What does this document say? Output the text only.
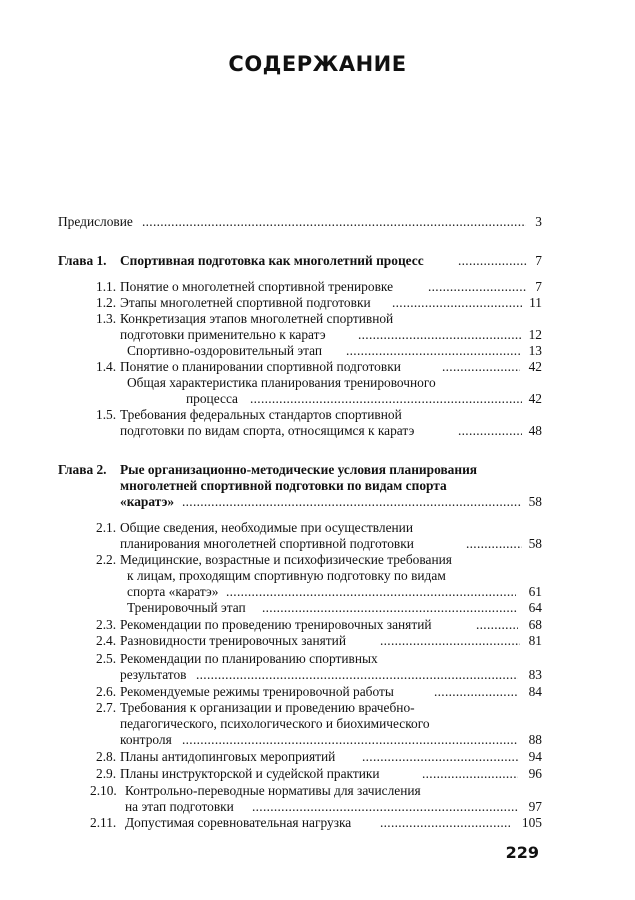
СОДЕРЖАНИЕ
Предисловие .....	3
Глава 1. Спортивная подготовка как многолетний процесс .....	7
1.1. Понятие о многолетней спортивной тренировке .....	7
1.2. Этапы многолетней спортивной подготовки .....	11
1.3. Конкретизация этапов многолетней спортивной
подготовки применительно к каратэ .....	12
Спортивно-оздоровительный этап .....	13
1.4. Понятие о планировании спортивной подготовки .....	42
Общая характеристика планирования тренировочного
процесса .....	42
1.5. Требования федеральных стандартов спортивной
подготовки по видам спорта, относящимся к каратэ .....	48
Глава 2. Рые организационно-методические условия планирования
многолетней спортивной подготовки по видам спорта
«каратэ» .....	58
2.1. Общие сведения, необходимые при осуществлении
планирования многолетней спортивной подготовки .....	58
2.2. Медицинские, возрастные и психофизические требования
к лицам, проходящим спортивную подготовку по видам
спорта «каратэ» .....	61
Тренировочный этап .....	64
2.3. Рекомендации по проведению тренировочных занятий .....	68
2.4. Разновидности тренировочных занятий .....	81
2.5. Рекомендации по планированию спортивных
результатов .....	83
2.6. Рекомендуемые режимы тренировочной работы .....	84
2.7. Требования к организации и проведению врачебно-
педагогического, психологического и биохимического
контроля .....	88
2.8. Планы антидопинговых мероприятий .....	94
2.9. Планы инструкторской и судейской практики .....	96
2.10. Контрольно-переводные нормативы для зачисления
на этап подготовки .....	97
2.11. Допустимая соревновательная нагрузка .....	105
229
